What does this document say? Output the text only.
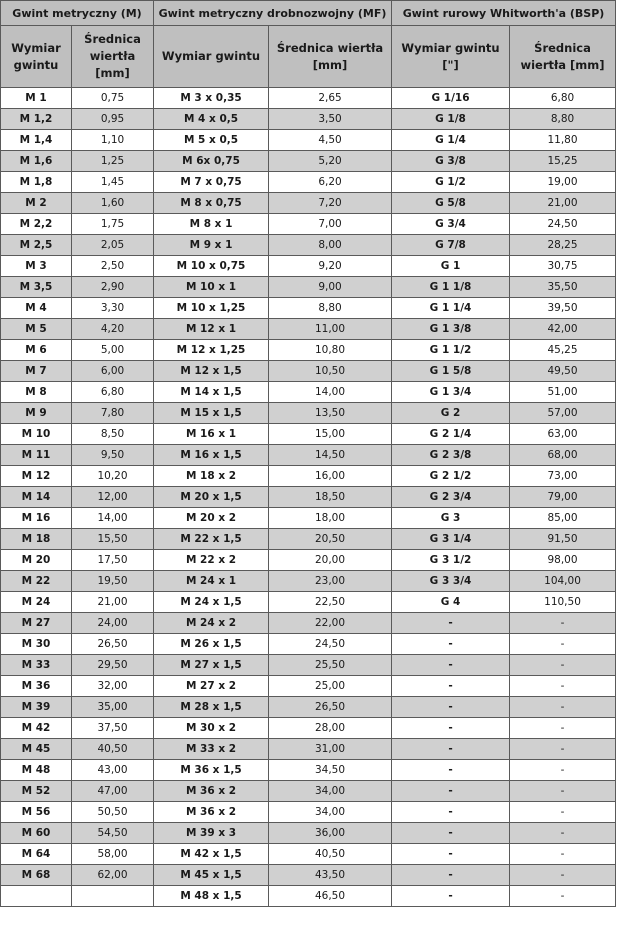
Gwint metryczny (M)		Gwint metryczny drobnozwojny (MF)		Gwint rurowy Whitworth'a (BSP)	
Wymiar gwintu	Średnica wiertła [mm]	Wymiar gwintu	Średnica wiertła [mm]	Wymiar gwintu ["]	Średnica wiertła [mm]
M 1	0,75	M 3 x 0,35	2,65	G 1/16	6,80
M 1,2	0,95	M 4 x 0,5	3,50	G 1/8	8,80
M 1,4	1,10	M 5 x 0,5	4,50	G 1/4	11,80
M 1,6	1,25	M 6x 0,75	5,20	G 3/8	15,25
M 1,8	1,45	M 7 x 0,75	6,20	G 1/2	19,00
M 2	1,60	M 8 x 0,75	7,20	G 5/8	21,00
M 2,2	1,75	M 8 x 1	7,00	G 3/4	24,50
M 2,5	2,05	M 9 x 1	8,00	G 7/8	28,25
M 3	2,50	M 10 x 0,75	9,20	G 1	30,75
M 3,5	2,90	M 10 x 1	9,00	G 1 1/8	35,50
M 4	3,30	M 10 x 1,25	8,80	G 1 1/4	39,50
M 5	4,20	M 12 x 1	11,00	G 1 3/8	42,00
M 6	5,00	M 12 x 1,25	10,80	G 1 1/2	45,25
M 7	6,00	M 12 x 1,5	10,50	G 1 5/8	49,50
M 8	6,80	M 14 x 1,5	14,00	G 1 3/4	51,00
M 9	7,80	M 15 x 1,5	13,50	G 2	57,00
M 10	8,50	M 16 x 1	15,00	G 2 1/4	63,00
M 11	9,50	M 16 x 1,5	14,50	G 2 3/8	68,00
M 12	10,20	M 18 x 2	16,00	G 2 1/2	73,00
M 14	12,00	M 20 x 1,5	18,50	G 2 3/4	79,00
M 16	14,00	M 20 x 2	18,00	G 3	85,00
M 18	15,50	M 22 x 1,5	20,50	G 3 1/4	91,50
M 20	17,50	M 22 x 2	20,00	G 3 1/2	98,00
M 22	19,50	M 24 x 1	23,00	G 3 3/4	104,00
M 24	21,00	M 24 x 1,5	22,50	G 4	110,50
M 27	24,00	M 24 x 2	22,00	-	-
M 30	26,50	M 26 x 1,5	24,50	-	-
M 33	29,50	M 27 x 1,5	25,50	-	-
M 36	32,00	M 27 x 2	25,00	-	-
M 39	35,00	M 28 x 1,5	26,50	-	-
M 42	37,50	M 30 x 2	28,00	-	-
M 45	40,50	M 33 x 2	31,00	-	-
M 48	43,00	M 36 x 1,5	34,50	-	-
M 52	47,00	M 36 x 2	34,00	-	-
M 56	50,50	M 36 x 2	34,00	-	-
M 60	54,50	M 39 x 3	36,00	-	-
M 64	58,00	M 42 x 1,5	40,50	-	-
M 68	62,00	M 45 x 1,5	43,50	-	-
		M 48 x 1,5	46,50	-	-
